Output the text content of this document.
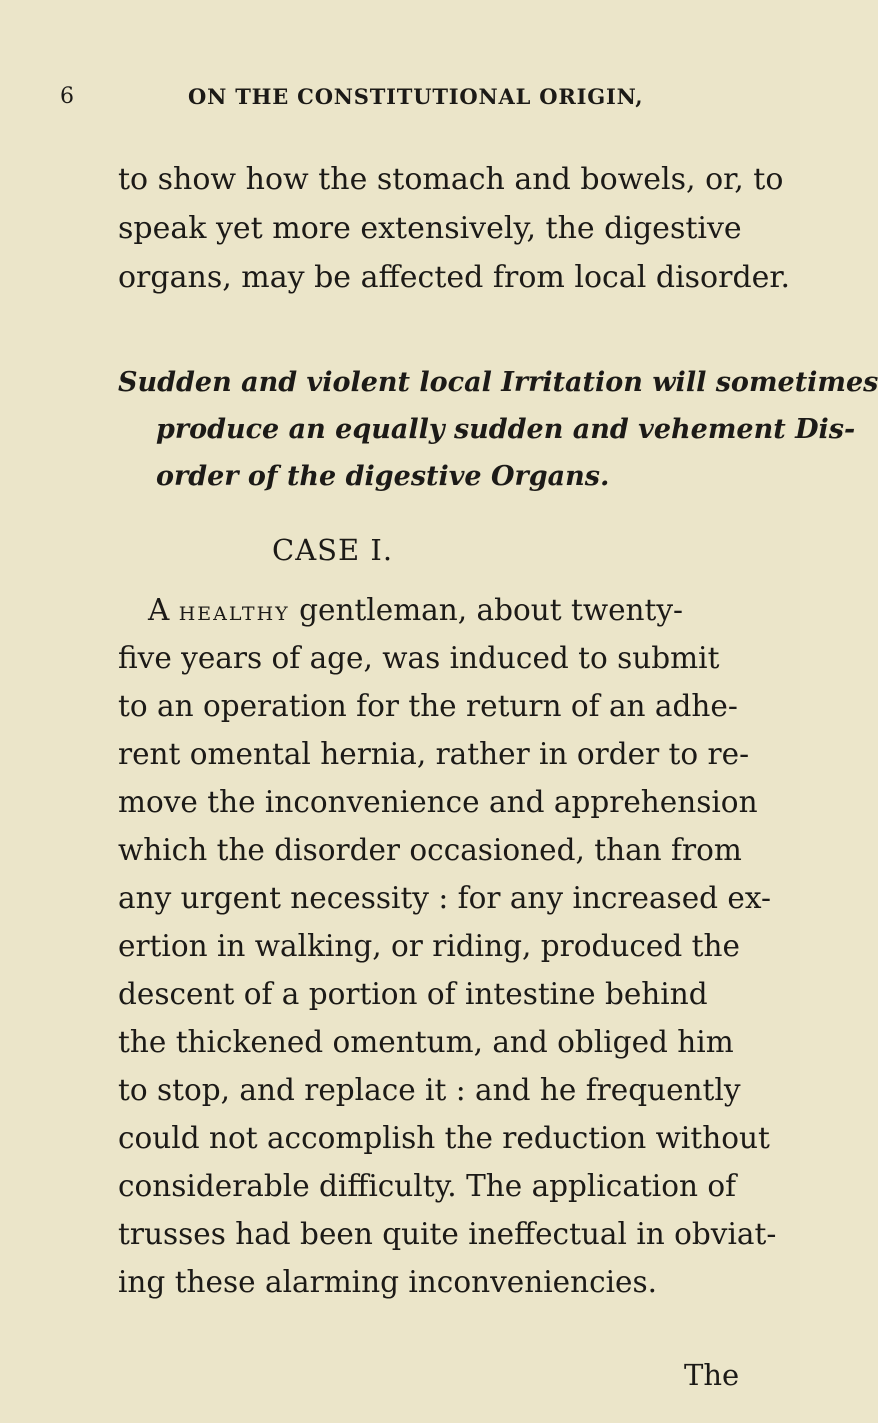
6	ON THE CONSTITUTIONAL ORIGIN,
to show how the stomach and bowels, or, to
speak yet more extensively, the digestive
organs, may be affected from local disorder.
Sudden and violent local Irritation will sometimes
produce an equally sudden and vehement Dis-
order of the digestive Organs.
CASE I.
A healthy gentleman, about twenty-
five years of age, was induced to submit
to an operation for the return of an adhe-
rent omental hernia, rather in order to re-
move the inconvenience and apprehension
which the disorder occasioned, than from
any urgent necessity : for any increased ex-
ertion in walking, or riding, produced the
descent of a portion of intestine behind
the thickened omentum, and obliged him
to stop, and replace it : and he frequently
could not accomplish the reduction without
considerable difficulty. The application of
trusses had been quite ineffectual in obviat-
ing these alarming inconveniencies.
The
